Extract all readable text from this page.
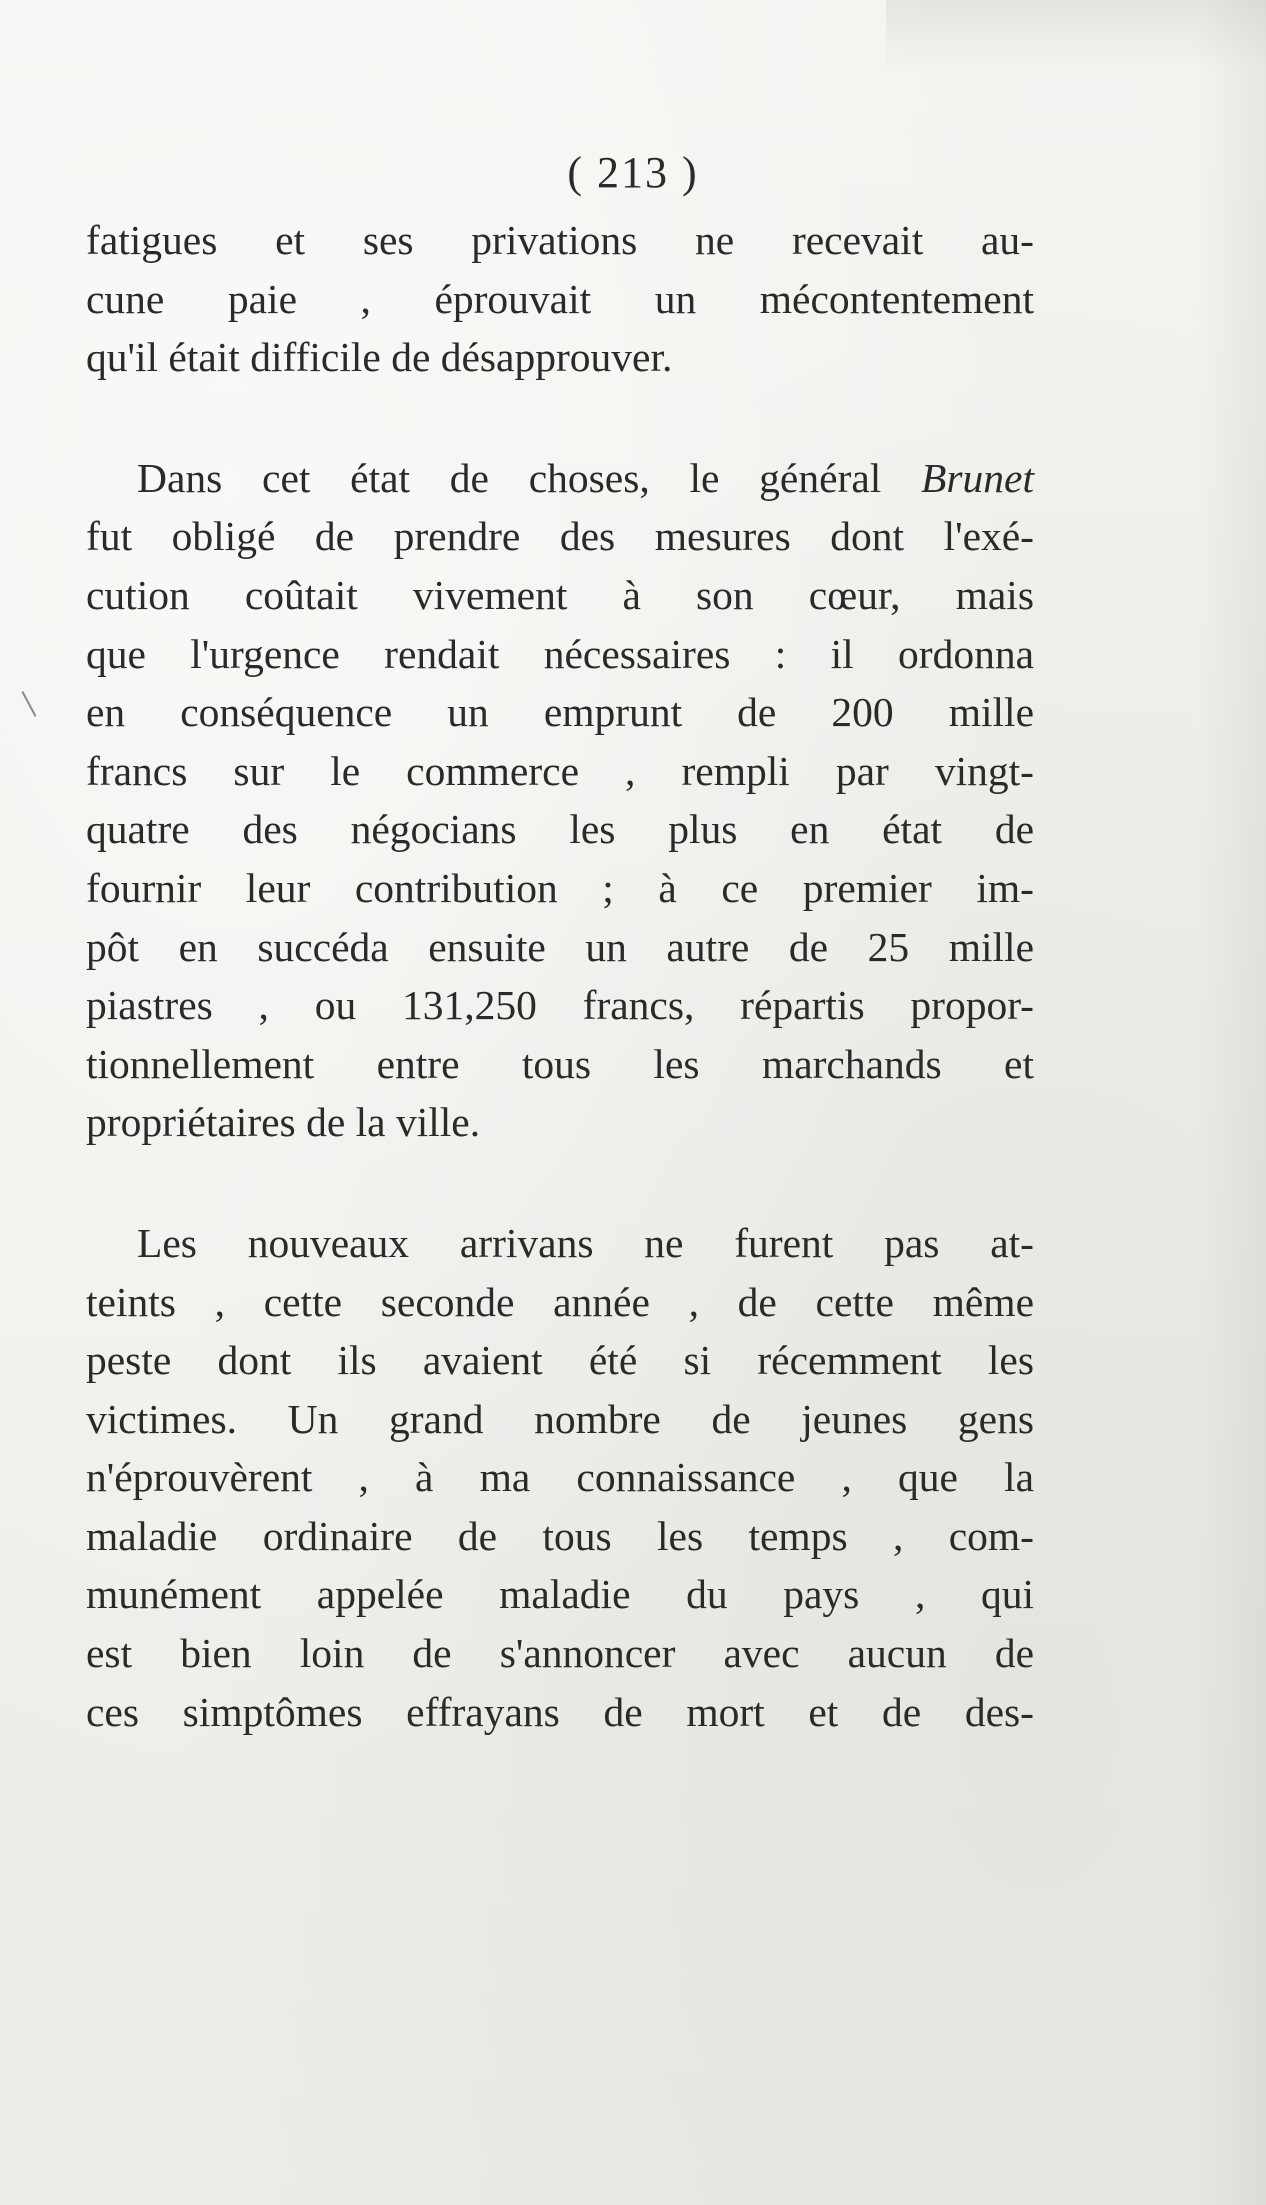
( 213 )
fatigues et ses privations ne recevait au-
cune paie , éprouvait un mécontentement
qu'il était difficile de désapprouver.
Dans cet état de choses, le général Brunet
fut obligé de prendre des mesures dont l'exé-
cution coûtait vivement à son cœur, mais
que l'urgence rendait nécessaires : il ordonna
en conséquence un emprunt de 200 mille
francs sur le commerce , rempli par vingt-
quatre des négocians les plus en état de
fournir leur contribution ; à ce premier im-
pôt en succéda ensuite un autre de 25 mille
piastres , ou 131,250 francs, répartis propor-
tionnellement entre tous les marchands et
propriétaires de la ville.
Les nouveaux arrivans ne furent pas at-
teints , cette seconde année , de cette même
peste dont ils avaient été si récemment les
victimes. Un grand nombre de jeunes gens
n'éprouvèrent , à ma connaissance , que la
maladie ordinaire de tous les temps , com-
munément appelée maladie du pays , qui
est bien loin de s'annoncer avec aucun de
ces simptômes effrayans de mort et de des-
